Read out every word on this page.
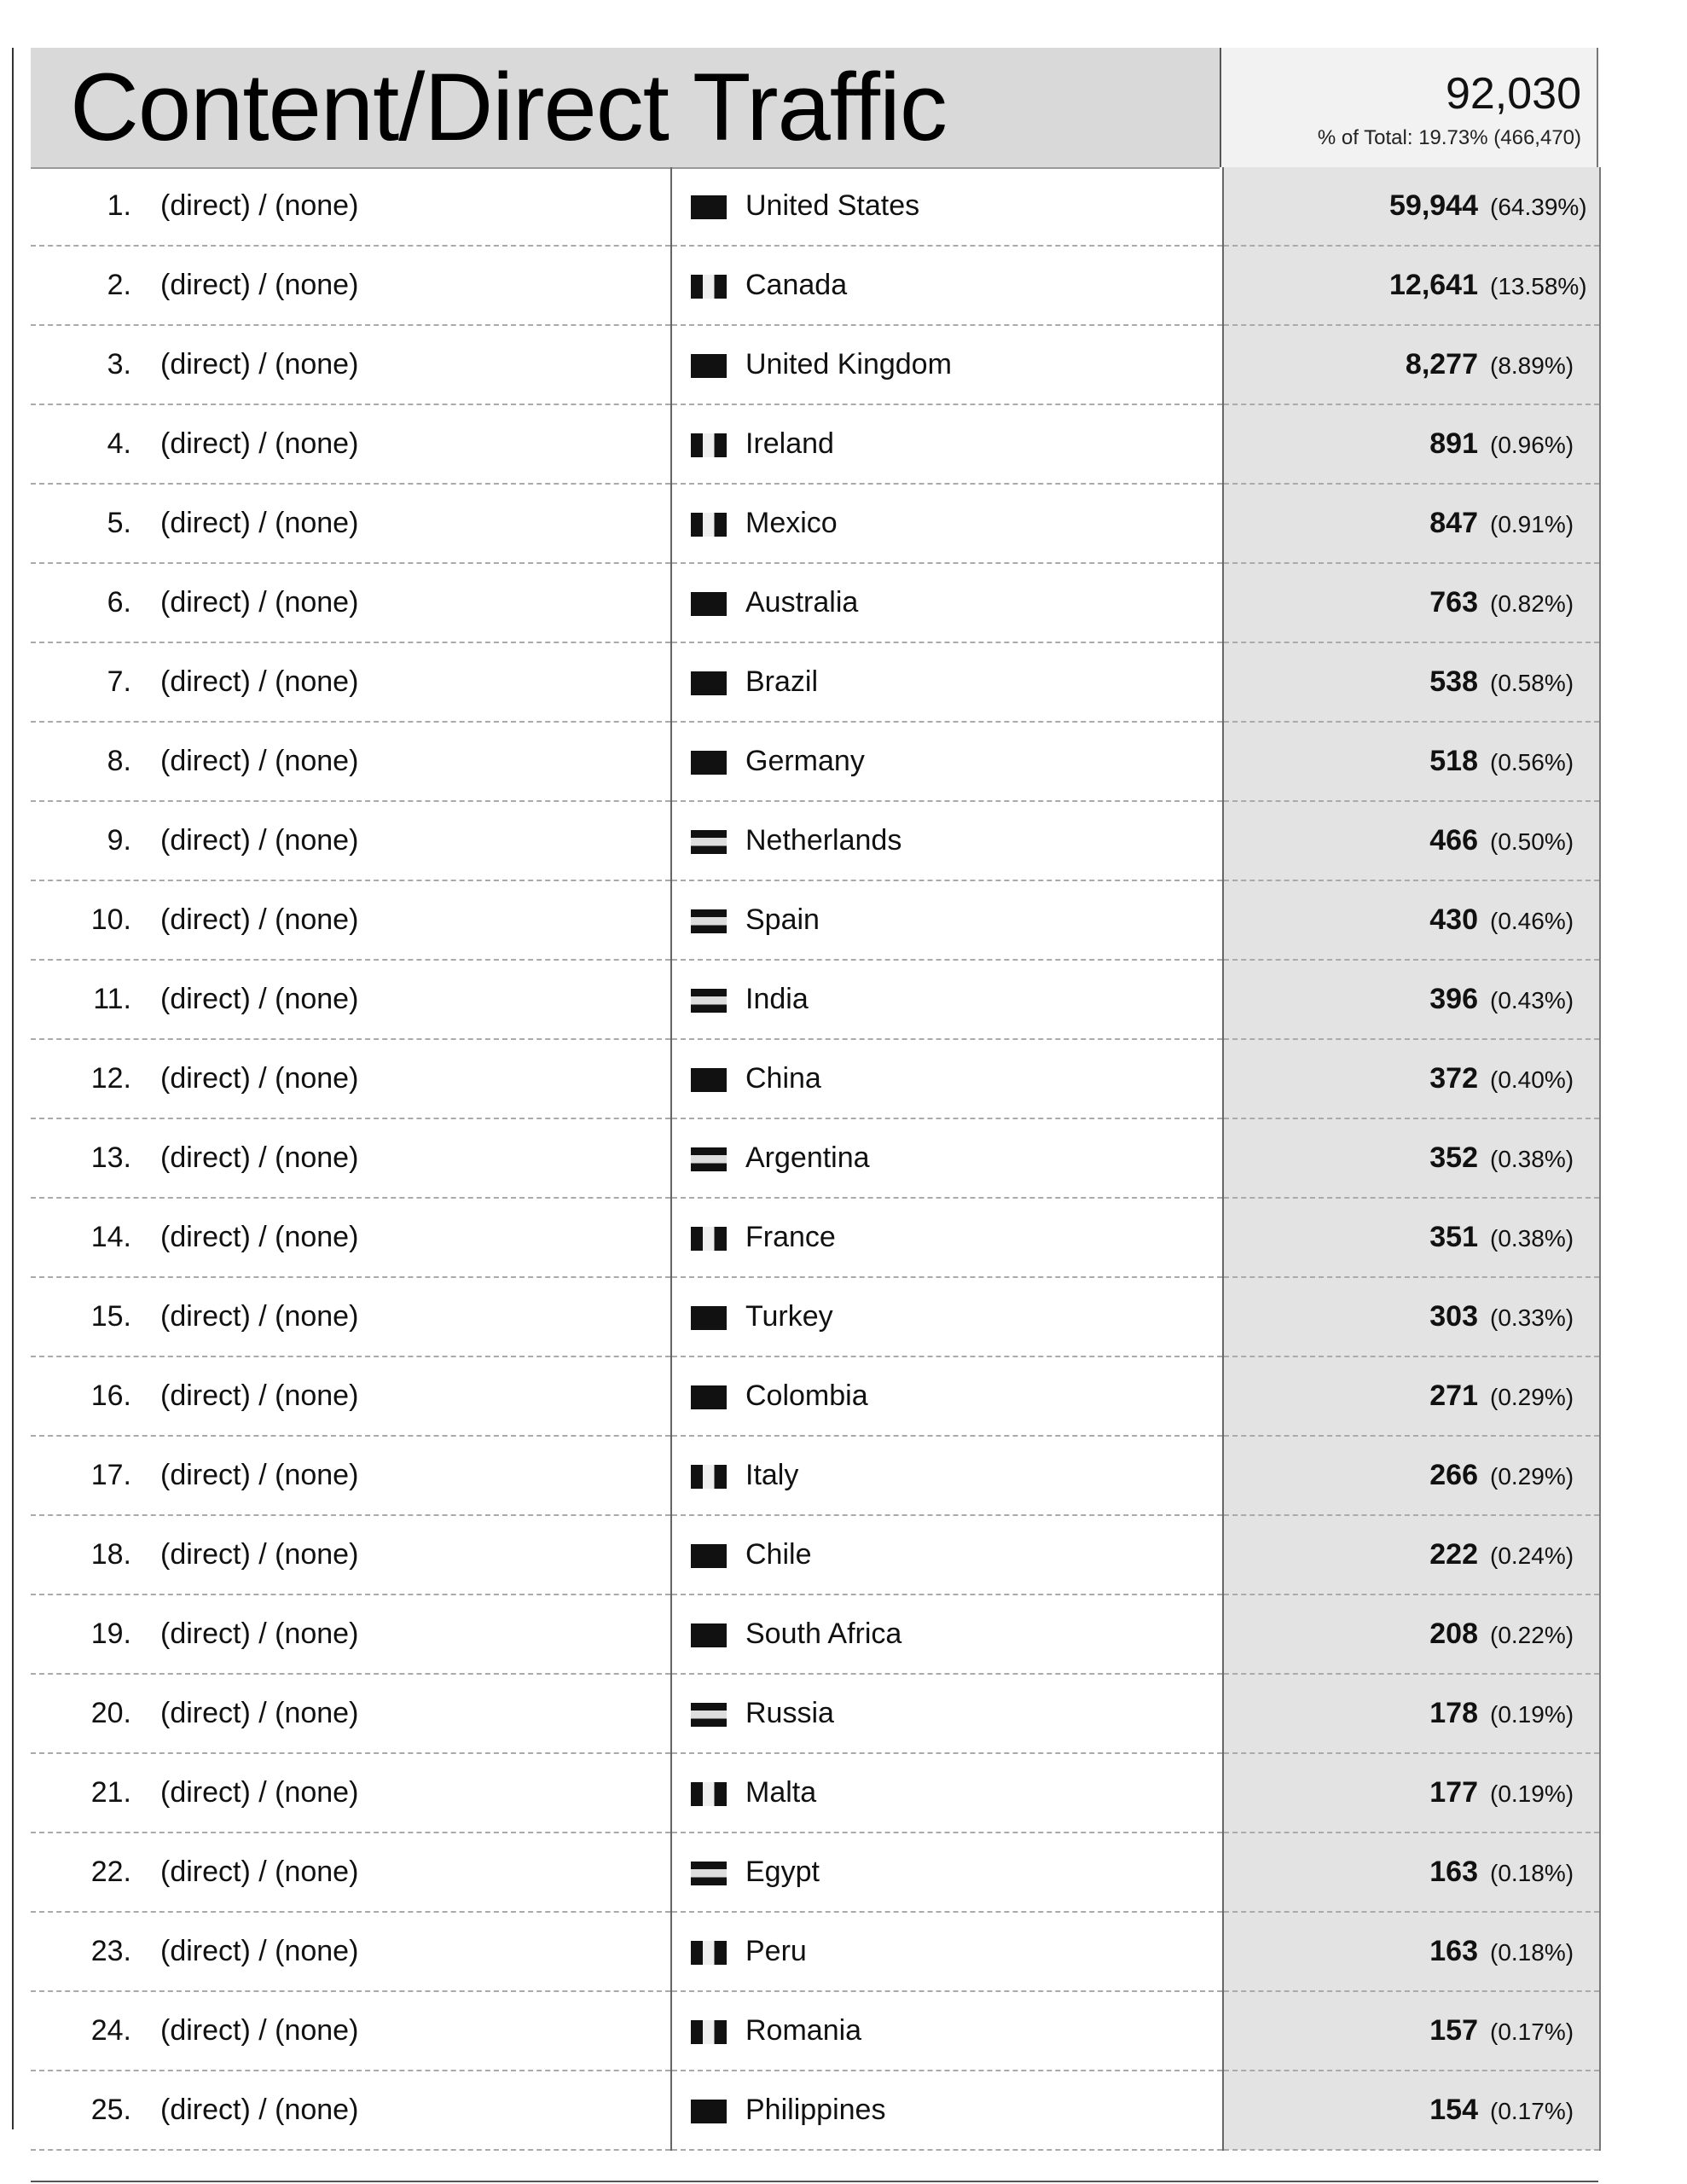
Content/Direct Traffic	92,030
% of Total: 19.73% (466,470)
1. (direct) / (none)	United States	59,944 (64.39%)
2. (direct) / (none)	Canada	12,641 (13.58%)
3. (direct) / (none)	United Kingdom	8,277 (8.89%)
4. (direct) / (none)	Ireland	891 (0.96%)
5. (direct) / (none)	Mexico	847 (0.91%)
6. (direct) / (none)	Australia	763 (0.82%)
7. (direct) / (none)	Brazil	538 (0.58%)
8. (direct) / (none)	Germany	518 (0.56%)
9. (direct) / (none)	Netherlands	466 (0.50%)
10. (direct) / (none)	Spain	430 (0.46%)
11. (direct) / (none)	India	396 (0.43%)
12. (direct) / (none)	China	372 (0.40%)
13. (direct) / (none)	Argentina	352 (0.38%)
14. (direct) / (none)	France	351 (0.38%)
15. (direct) / (none)	Turkey	303 (0.33%)
16. (direct) / (none)	Colombia	271 (0.29%)
17. (direct) / (none)	Italy	266 (0.29%)
18. (direct) / (none)	Chile	222 (0.24%)
19. (direct) / (none)	South Africa	208 (0.22%)
20. (direct) / (none)	Russia	178 (0.19%)
21. (direct) / (none)	Malta	177 (0.19%)
22. (direct) / (none)	Egypt	163 (0.18%)
23. (direct) / (none)	Peru	163 (0.18%)
24. (direct) / (none)	Romania	157 (0.17%)
25. (direct) / (none)	Philippines	154 (0.17%)
